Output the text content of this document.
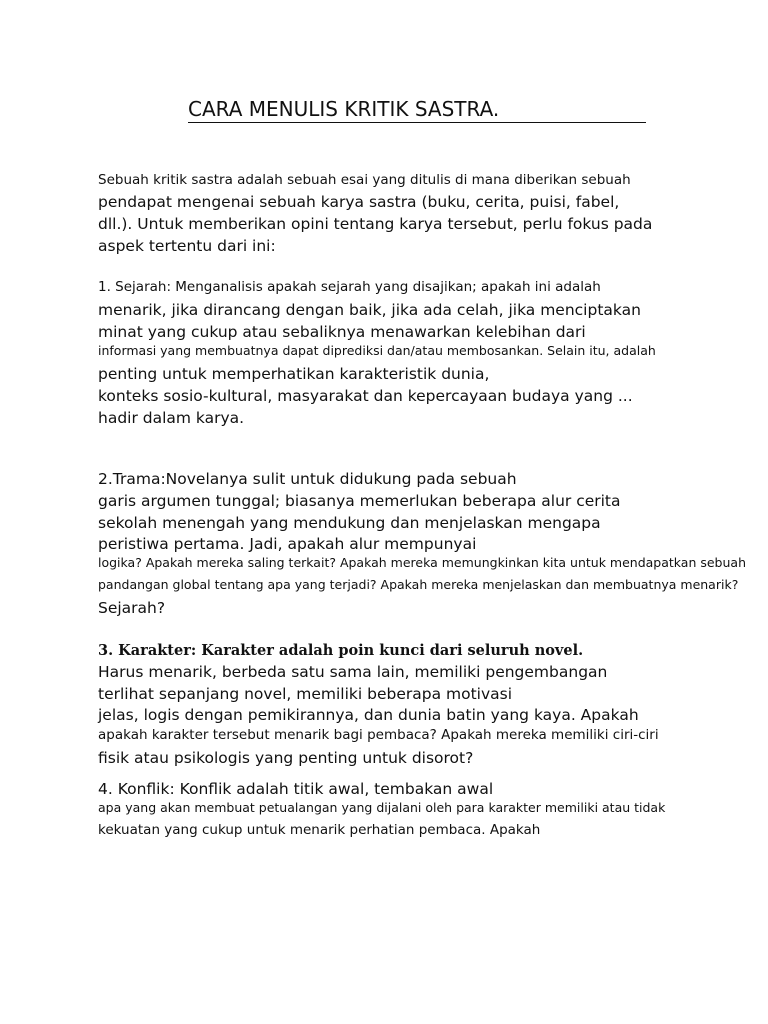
CARA MENULIS KRITIK SASTRA.

Sebuah kritik sastra adalah sebuah esai yang ditulis di mana diberikan sebuah

pendapat mengenai sebuah karya sastra (buku, cerita, puisi, fabel,

dll.). Untuk memberikan opini tentang karya tersebut, perlu fokus pada

aspek tertentu dari ini:

1. Sejarah: Menganalisis apakah sejarah yang disajikan; apakah ini adalah

menarik, jika dirancang dengan baik, jika ada celah, jika menciptakan

minat yang cukup atau sebaliknya menawarkan kelebihan dari

informasi yang membuatnya dapat diprediksi dan/atau membosankan. Selain itu, adalah

penting untuk memperhatikan karakteristik dunia,

konteks sosio-kultural, masyarakat dan kepercayaan budaya yang ...

hadir dalam karya.

2.Trama:Novelanya sulit untuk didukung pada sebuah

garis argumen tunggal; biasanya memerlukan beberapa alur cerita

sekolah menengah yang mendukung dan menjelaskan mengapa

peristiwa pertama. Jadi, apakah alur mempunyai

logika? Apakah mereka saling terkait? Apakah mereka memungkinkan kita untuk mendapatkan sebuah

pandangan global tentang apa yang terjadi? Apakah mereka menjelaskan dan membuatnya menarik?

Sejarah?

3. Karakter: Karakter adalah poin kunci dari seluruh novel.

Harus menarik, berbeda satu sama lain, memiliki pengembangan

terlihat sepanjang novel, memiliki beberapa motivasi

jelas, logis dengan pemikirannya, dan dunia batin yang kaya. Apakah

apakah karakter tersebut menarik bagi pembaca? Apakah mereka memiliki ciri-ciri

fisik atau psikologis yang penting untuk disorot?

4. Konflik: Konflik adalah titik awal, tembakan awal

apa yang akan membuat petualangan yang dijalani oleh para karakter memiliki atau tidak

kekuatan yang cukup untuk menarik perhatian pembaca. Apakah
